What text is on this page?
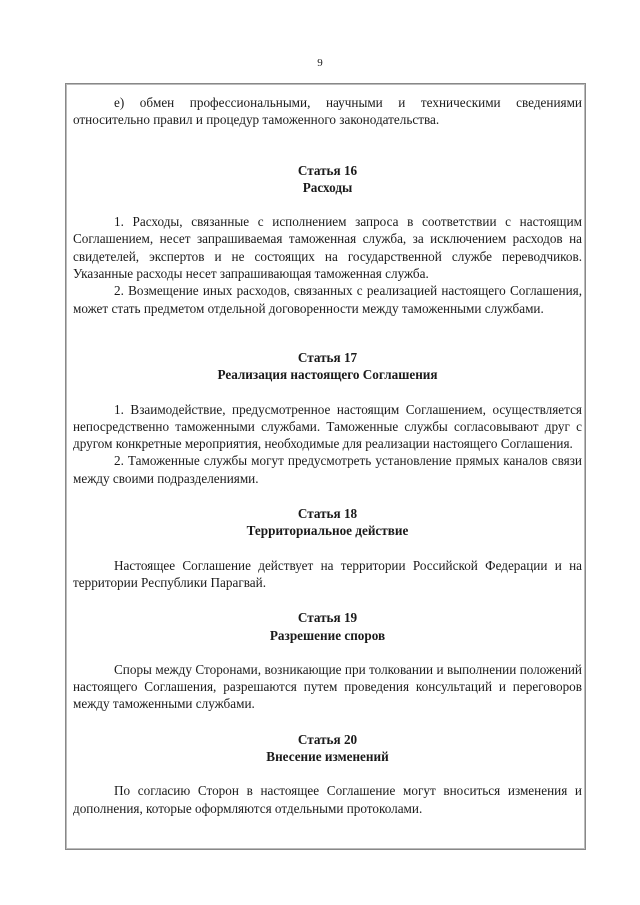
9

е) обмен профессиональными, научными и техническими сведениями относительно правил и процедур таможенного законодательства.

Статья 16

Расходы

1. Расходы, связанные с исполнением запроса в соответствии с настоящим Соглашением, несет запрашиваемая таможенная служба, за исключением расходов на свидетелей, экспертов и не состоящих на государственной службе переводчиков. Указанные расходы несет запрашивающая таможенная служба.

2. Возмещение иных расходов, связанных с реализацией настоящего Соглашения, может стать предметом отдельной договоренности между таможенными службами.

Статья 17

Реализация настоящего Соглашения

1. Взаимодействие, предусмотренное настоящим Соглашением, осуществляется непосредственно таможенными службами. Таможенные службы согласовывают друг с другом конкретные мероприятия, необходимые для реализации настоящего Соглашения.

2. Таможенные службы могут предусмотреть установление прямых каналов связи между своими подразделениями.

Статья 18

Территориальное действие

Настоящее Соглашение действует на территории Российской Федерации и на территории Республики Парагвай.

Статья 19

Разрешение споров

Споры между Сторонами, возникающие при толковании и выполнении положений настоящего Соглашения, разрешаются путем проведения консультаций и переговоров между таможенными службами.

Статья 20

Внесение изменений

По согласию Сторон в настоящее Соглашение могут вноситься изменения и дополнения, которые оформляются отдельными протоколами.
